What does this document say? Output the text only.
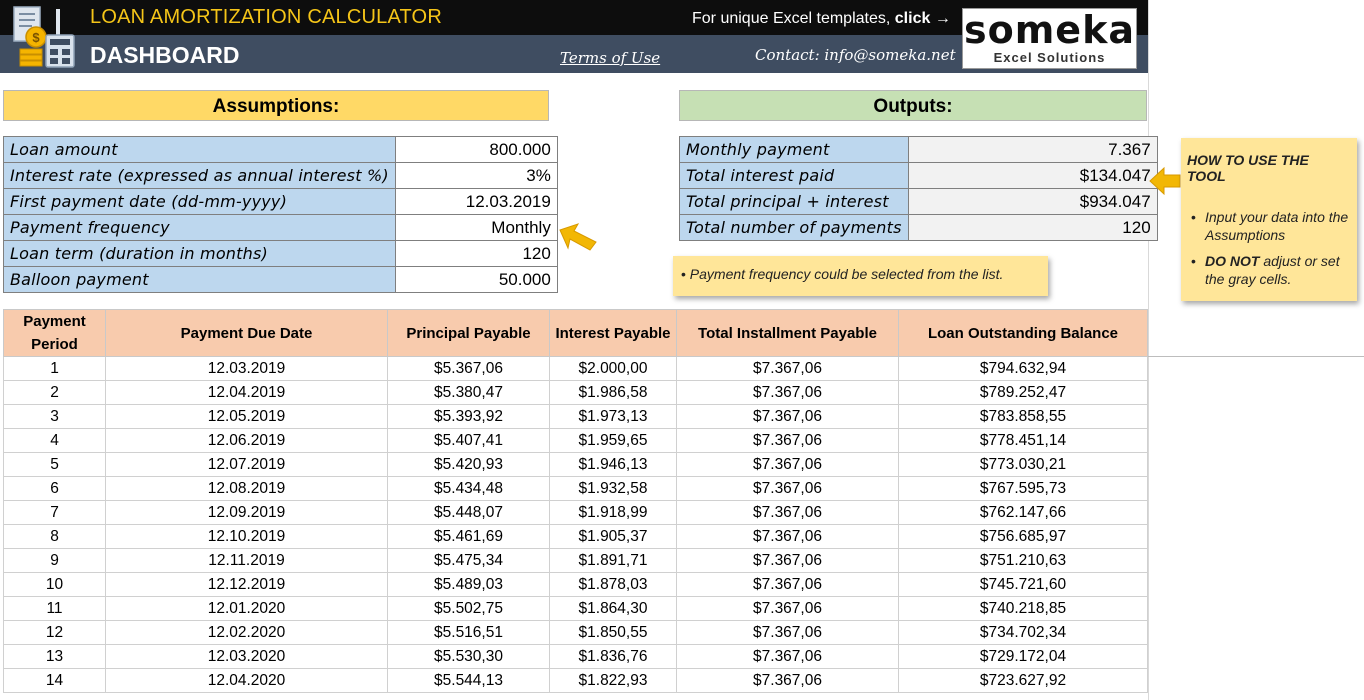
$
LOAN AMORTIZATION CALCULATOR
DASHBOARD
For unique Excel templates, click →
Terms of Use	Contact: info@someka.net
someka
Excel Solutions
Assumptions:	Outputs:
Loan amount	800.000
Interest rate (expressed as annual interest %)	3%
First payment date (dd-mm-yyyy)	12.03.2019
Payment frequency	Monthly
Loan term (duration in months)	120
Balloon payment	50.000
Monthly payment	7.367
Total interest paid	$134.047
Total principal + interest	$934.047
Total number of payments	120
• Payment frequency could be selected from the list.
HOW TO USE THE TOOL
• Input your data into the Assumptions
• DO NOT adjust or set the gray cells.
Payment Period	Payment Due Date	Principal Payable	Interest Payable	Total Installment Payable	Loan Outstanding Balance
1	12.03.2019	$5.367,06	$2.000,00	$7.367,06	$794.632,94
2	12.04.2019	$5.380,47	$1.986,58	$7.367,06	$789.252,47
3	12.05.2019	$5.393,92	$1.973,13	$7.367,06	$783.858,55
4	12.06.2019	$5.407,41	$1.959,65	$7.367,06	$778.451,14
5	12.07.2019	$5.420,93	$1.946,13	$7.367,06	$773.030,21
6	12.08.2019	$5.434,48	$1.932,58	$7.367,06	$767.595,73
7	12.09.2019	$5.448,07	$1.918,99	$7.367,06	$762.147,66
8	12.10.2019	$5.461,69	$1.905,37	$7.367,06	$756.685,97
9	12.11.2019	$5.475,34	$1.891,71	$7.367,06	$751.210,63
10	12.12.2019	$5.489,03	$1.878,03	$7.367,06	$745.721,60
11	12.01.2020	$5.502,75	$1.864,30	$7.367,06	$740.218,85
12	12.02.2020	$5.516,51	$1.850,55	$7.367,06	$734.702,34
13	12.03.2020	$5.530,30	$1.836,76	$7.367,06	$729.172,04
14	12.04.2020	$5.544,13	$1.822,93	$7.367,06	$723.627,92
